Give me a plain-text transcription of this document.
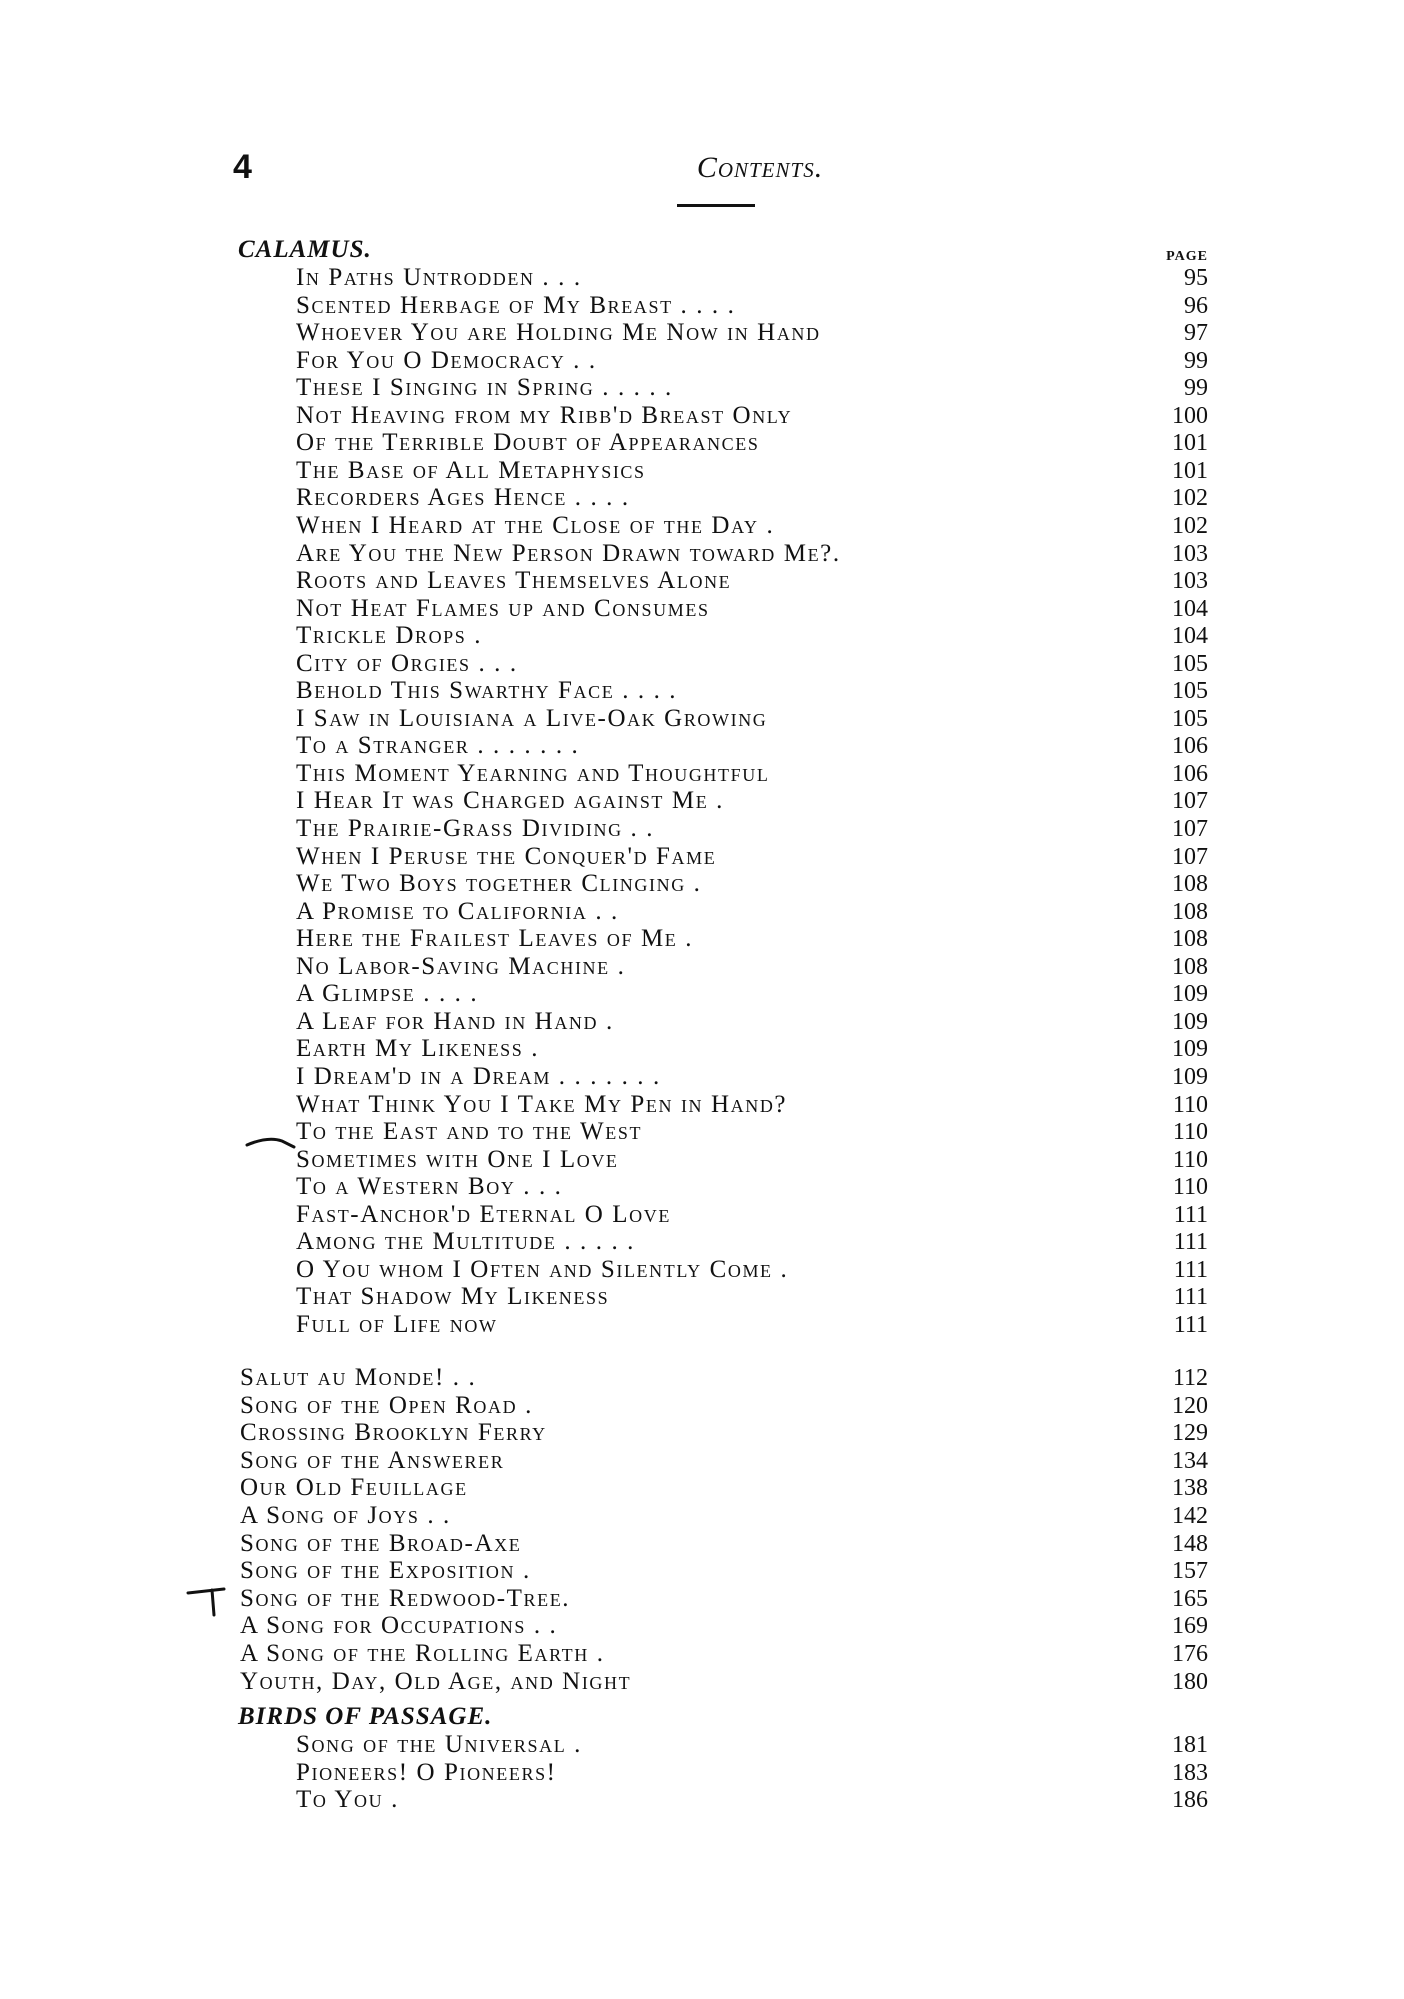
4	Contents.
PAGE
CALAMUS.
In Paths Untrodden . . .	95
Scented Herbage of My Breast . . . .	96
Whoever You are Holding Me Now in Hand	97
For You O Democracy . .	99
These I Singing in Spring . . . . .	99
Not Heaving from my Ribb'd Breast Only	100
Of the Terrible Doubt of Appearances	101
The Base of All Metaphysics	101
Recorders Ages Hence . . . .	102
When I Heard at the Close of the Day .	102
Are You the New Person Drawn toward Me?.	103
Roots and Leaves Themselves Alone	103
Not Heat Flames up and Consumes	104
Trickle Drops .	104
City of Orgies . . .	105
Behold This Swarthy Face . . . .	105
I Saw in Louisiana a Live-Oak Growing	105
To a Stranger . . . . . . .	106
This Moment Yearning and Thoughtful	106
I Hear It was Charged against Me .	107
The Prairie-Grass Dividing . .	107
When I Peruse the Conquer'd Fame	107
We Two Boys together Clinging .	108
A Promise to California . .	108
Here the Frailest Leaves of Me .	108
No Labor-Saving Machine .	108
A Glimpse . . . .	109
A Leaf for Hand in Hand .	109
Earth My Likeness .	109
I Dream'd in a Dream . . . . . . .	109
What Think You I Take My Pen in Hand?	110
To the East and to the West	110
Sometimes with One I Love	110
To a Western Boy . . .	110
Fast-Anchor'd Eternal O Love	111
Among the Multitude . . . . .	111
O You whom I Often and Silently Come .	111
That Shadow My Likeness	111
Full of Life now	111
Salut au Monde! . .	112
Song of the Open Road .	120
Crossing Brooklyn Ferry	129
Song of the Answerer	134
Our Old Feuillage	138
A Song of Joys . .	142
Song of the Broad-Axe	148
Song of the Exposition .	157
Song of the Redwood-Tree.	165
A Song for Occupations . .	169
A Song of the Rolling Earth .	176
Youth, Day, Old Age, and Night	180
BIRDS OF PASSAGE.
Song of the Universal .	181
Pioneers! O Pioneers!	183
To You .	186
